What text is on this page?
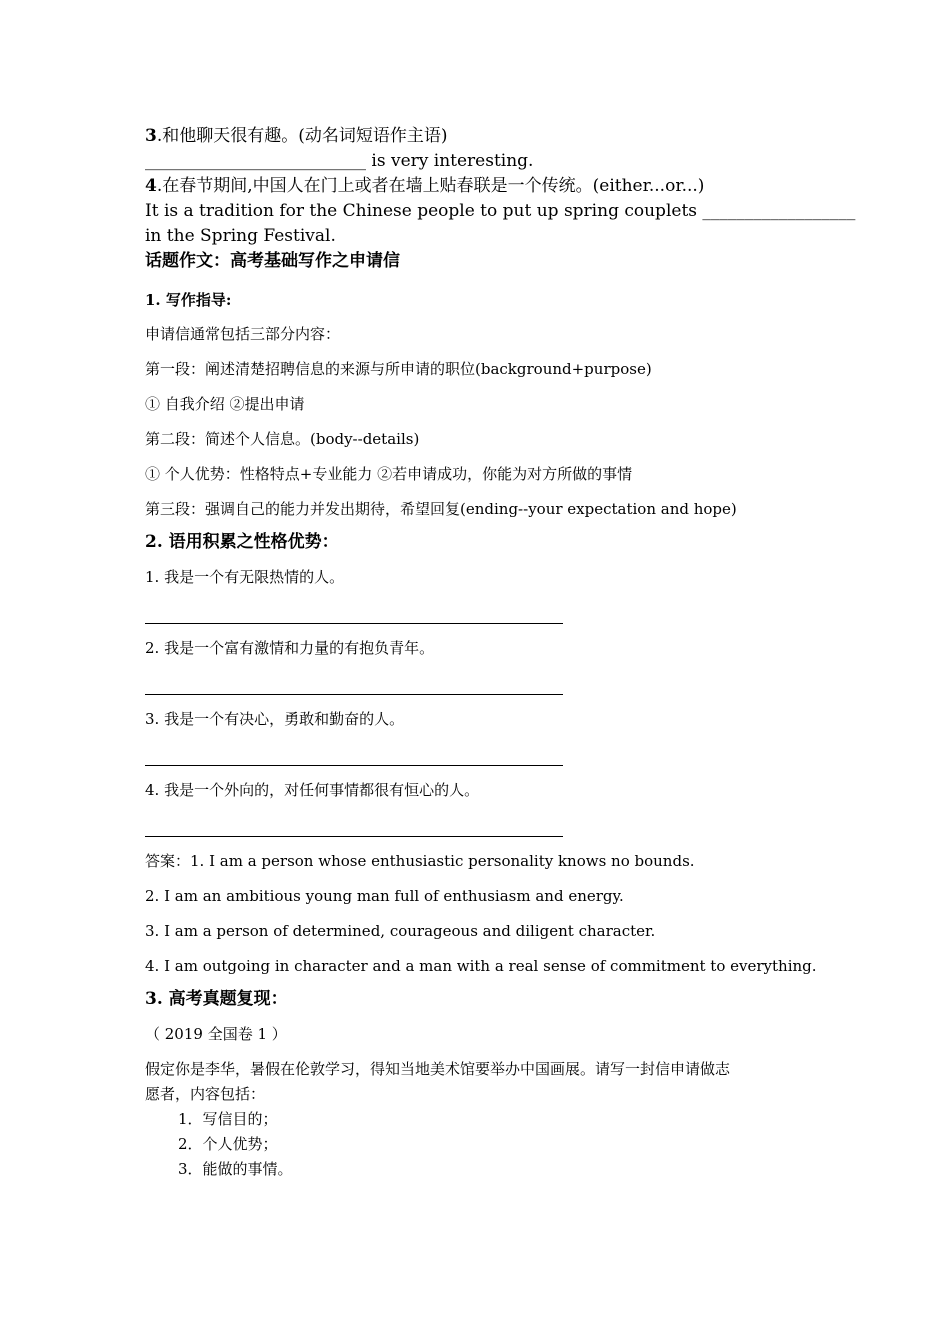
3.和他聊天很有趣。(动名词短语作主语)
__________________________ is very interesting.
4.在春节期间,中国人在门上或者在墙上贴春联是一个传统。(either...or...)
It is a tradition for the Chinese people to put up spring couplets __________________
in the Spring Festival.
话题作文：高考基础写作之申请信
1. 写作指导:
申请信通常包括三部分内容：
第一段：阐述清楚招聘信息的来源与所申请的职位(background+purpose)
① 自我介绍 ②提出申请
第二段：简述个人信息。(body--details)
① 个人优势：性格特点+专业能力 ②若申请成功，你能为对方所做的事情
第三段：强调自己的能力并发出期待，希望回复(ending--your expectation and hope)
2. 语用积累之性格优势：
1. 我是一个有无限热情的人。
2. 我是一个富有激情和力量的有抱负青年。
3. 我是一个有决心，勇敢和勤奋的人。
4. 我是一个外向的，对任何事情都很有恒心的人。
答案：1. I am a person whose enthusiastic personality knows no bounds.
2. I am an ambitious young man full of enthusiasm and energy.
3. I am a person of determined, courageous and diligent character.
4. I am outgoing in character and a man with a real sense of commitment to everything.
3. 高考真题复现：
（ 2019 全国卷 1 ）
假定你是李华，暑假在伦敦学习，得知当地美术馆要举办中国画展。请写一封信申请做志
愿者，内容包括：
1．写信目的；
2．个人优势；
3．能做的事情。
